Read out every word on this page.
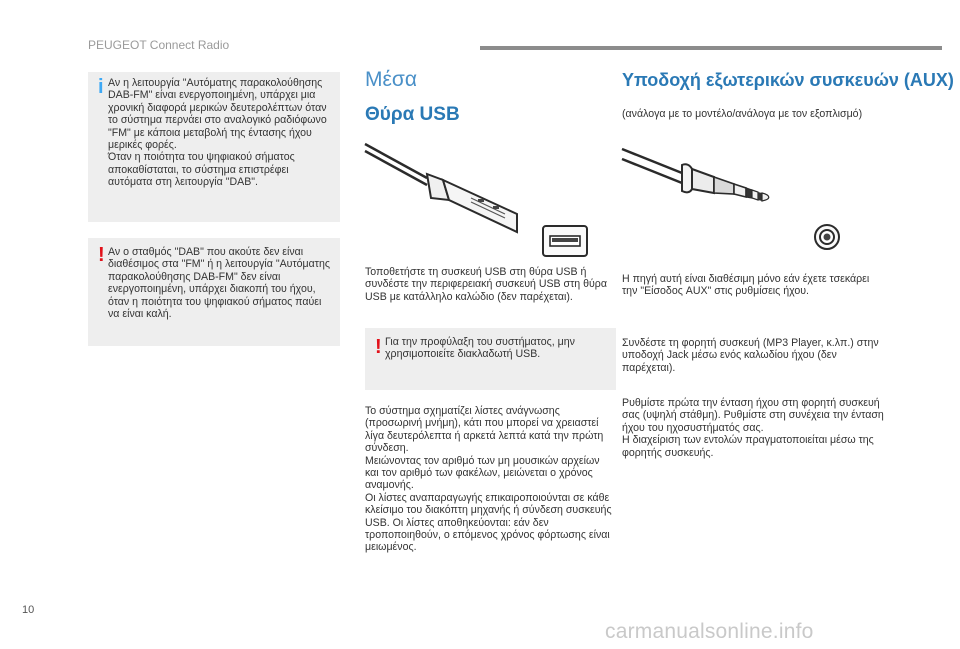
PEUGEOT Connect Radio
i Αν η λειτουργία "Αυτόματης παρακολούθησης DAB-FM" είναι ενεργοποιημένη, υπάρχει μια χρονική διαφορά μερικών δευτερολέπτων όταν το σύστημα περνάει στο αναλογικό ραδιόφωνο "FM" με κάποια μεταβολή της έντασης ήχου μερικές φορές.
Όταν η ποιότητα του ψηφιακού σήματος αποκαθίσταται, το σύστημα επιστρέφει αυτόματα στη λειτουργία "DAB".

! Αν ο σταθμός "DAB" που ακούτε δεν είναι διαθέσιμος στα "FM" ή η λειτουργία "Αυτόματης παρακολούθησης DAB-FM" δεν είναι ενεργοποιημένη, υπάρχει διακοπή του ήχου, όταν η ποιότητα του ψηφιακού σήματος παύει να είναι καλή.

Μέσα
Θύρα USB

Τοποθετήστε τη συσκευή USB στη θύρα USB ή συνδέστε την περιφερειακή συσκευή USB στη θύρα USB με κατάλληλο καλώδιο (δεν παρέχεται).

! Για την προφύλαξη του συστήματος, μην χρησιμοποιείτε διακλαδωτή USB.

Το σύστημα σχηματίζει λίστες ανάγνωσης (προσωρινή μνήμη), κάτι που μπορεί να χρειαστεί λίγα δευτερόλεπτα ή αρκετά λεπτά κατά την πρώτη σύνδεση.
Μειώνοντας τον αριθμό των μη μουσικών αρχείων και τον αριθμό των φακέλων, μειώνεται ο χρόνος αναμονής.
Οι λίστες αναπαραγωγής επικαιροποιούνται σε κάθε κλείσιμο του διακόπτη μηχανής ή σύνδεση συσκευής USB. Οι λίστες αποθηκεύονται: εάν δεν τροποποιηθούν, ο επόμενος χρόνος φόρτωσης είναι μειωμένος.

Υποδοχή εξωτερικών συσκευών (AUX)

(ανάλογα με το μοντέλο/ανάλογα με τον εξοπλισμό)

Η πηγή αυτή είναι διαθέσιμη μόνο εάν έχετε τσεκάρει την "Είσοδος AUX" στις ρυθμίσεις ήχου.

Συνδέστε τη φορητή συσκευή (MP3 Player, κ.λπ.) στην υποδοχή Jack μέσω ενός καλωδίου ήχου (δεν παρέχεται).

Ρυθμίστε πρώτα την ένταση ήχου στη φορητή συσκευή σας (υψηλή στάθμη). Ρυθμίστε στη συνέχεια την ένταση ήχου του ηχοσυστήματός σας.
Η διαχείριση των εντολών πραγματοποιείται μέσω της φορητής συσκευής.

10
carmanualsonline.info
